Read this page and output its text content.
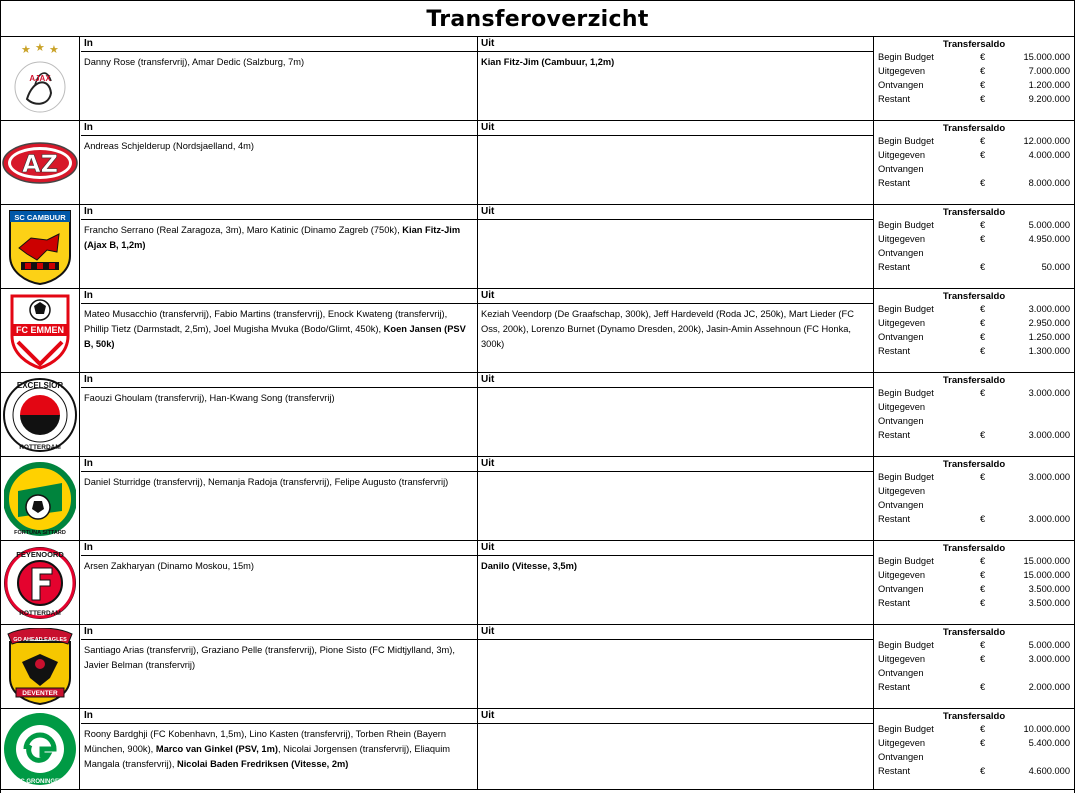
Transferoverzicht
★ ★ ★
AJAX
In
Danny Rose (transfervrij), Amar Dedic (Salzburg, 7m)
Uit
Kian Fitz-Jim (Cambuur, 1,2m)
Transfersaldo
Begin Budget	€	15.000.000
Uitgegeven	€	7.000.000
Ontvangen	€	1.200.000
Restant	€	9.200.000
AZ
In
Andreas Schjelderup (Nordsjaelland, 4m)
Uit	Transfersaldo
Begin Budget	€	12.000.000
Uitgegeven	€	4.000.000
Ontvangen
Restant	€	8.000.000
SC CAMBUUR	In
Francho Serrano (Real Zaragoza, 3m), Maro Katinic (Dinamo Zagreb (750k), Kian Fitz-Jim (Ajax B, 1,2m)
Uit	Transfersaldo
Begin Budget	€	5.000.000
Uitgegeven	€	4.950.000
Ontvangen
Restant	€	50.000
FC EMMEN
In
Mateo Musacchio (transfervrij), Fabio Martins (transfervrij), Enock Kwateng (transfervrij), Phillip Tietz (Darmstadt, 2,5m), Joel Mugisha Mvuka (Bodo/Glimt, 450k), Koen Jansen (PSV B, 50k)
Uit
Keziah Veendorp (De Graafschap, 300k), Jeff Hardeveld (Roda JC, 250k), Mart Lieder (FC Oss, 200k), Lorenzo Burnet (Dynamo Dresden, 200k), Jasin-Amin Assehnoun (FC Honka, 300k)
Transfersaldo
Begin Budget	€	3.000.000
Uitgegeven	€	2.950.000
Ontvangen	€	1.250.000
Restant	€	1.300.000
EXCELSIOR
ROTTERDAM
In
Faouzi Ghoulam (transfervrij), Han-Kwang Song (transfervrij)
Uit	Transfersaldo
Begin Budget	€	3.000.000
Uitgegeven
Ontvangen
Restant	€	3.000.000
FORTUNA SITTARD
In
Daniel Sturridge (transfervrij), Nemanja Radoja (transfervrij), Felipe Augusto (transfervrij)
Uit	Transfersaldo
Begin Budget	€	3.000.000
Uitgegeven
Ontvangen
Restant	€	3.000.000
FEYENOORD
ROTTERDAM
In
Arsen Zakharyan (Dinamo Moskou, 15m)
Uit
Danilo (Vitesse, 3,5m)
Transfersaldo
Begin Budget	€	15.000.000
Uitgegeven	€	15.000.000
Ontvangen	€	3.500.000
Restant	€	3.500.000
GO AHEAD EAGLES
DEVENTER
In
Santiago Arias (transfervrij), Graziano Pelle (transfervrij), Pione Sisto (FC Midtjylland, 3m), Javier Belman (transfervrij)
Uit	Transfersaldo
Begin Budget	€	5.000.000
Uitgegeven	€	3.000.000
Ontvangen
Restant	€	2.000.000
FC GRONINGEN
In
Roony Bardghji (FC Kobenhavn, 1,5m), Lino Kasten (transfervrij), Torben Rhein (Bayern München, 900k), Marco van Ginkel (PSV, 1m), Nicolai Jorgensen (transfervrij), Eliaquim Mangala (transfervrij), Nicolai Baden Fredriksen (Vitesse, 2m)
Uit	Transfersaldo
Begin Budget	€	10.000.000
Uitgegeven	€	5.400.000
Ontvangen
Restant	€	4.600.000
